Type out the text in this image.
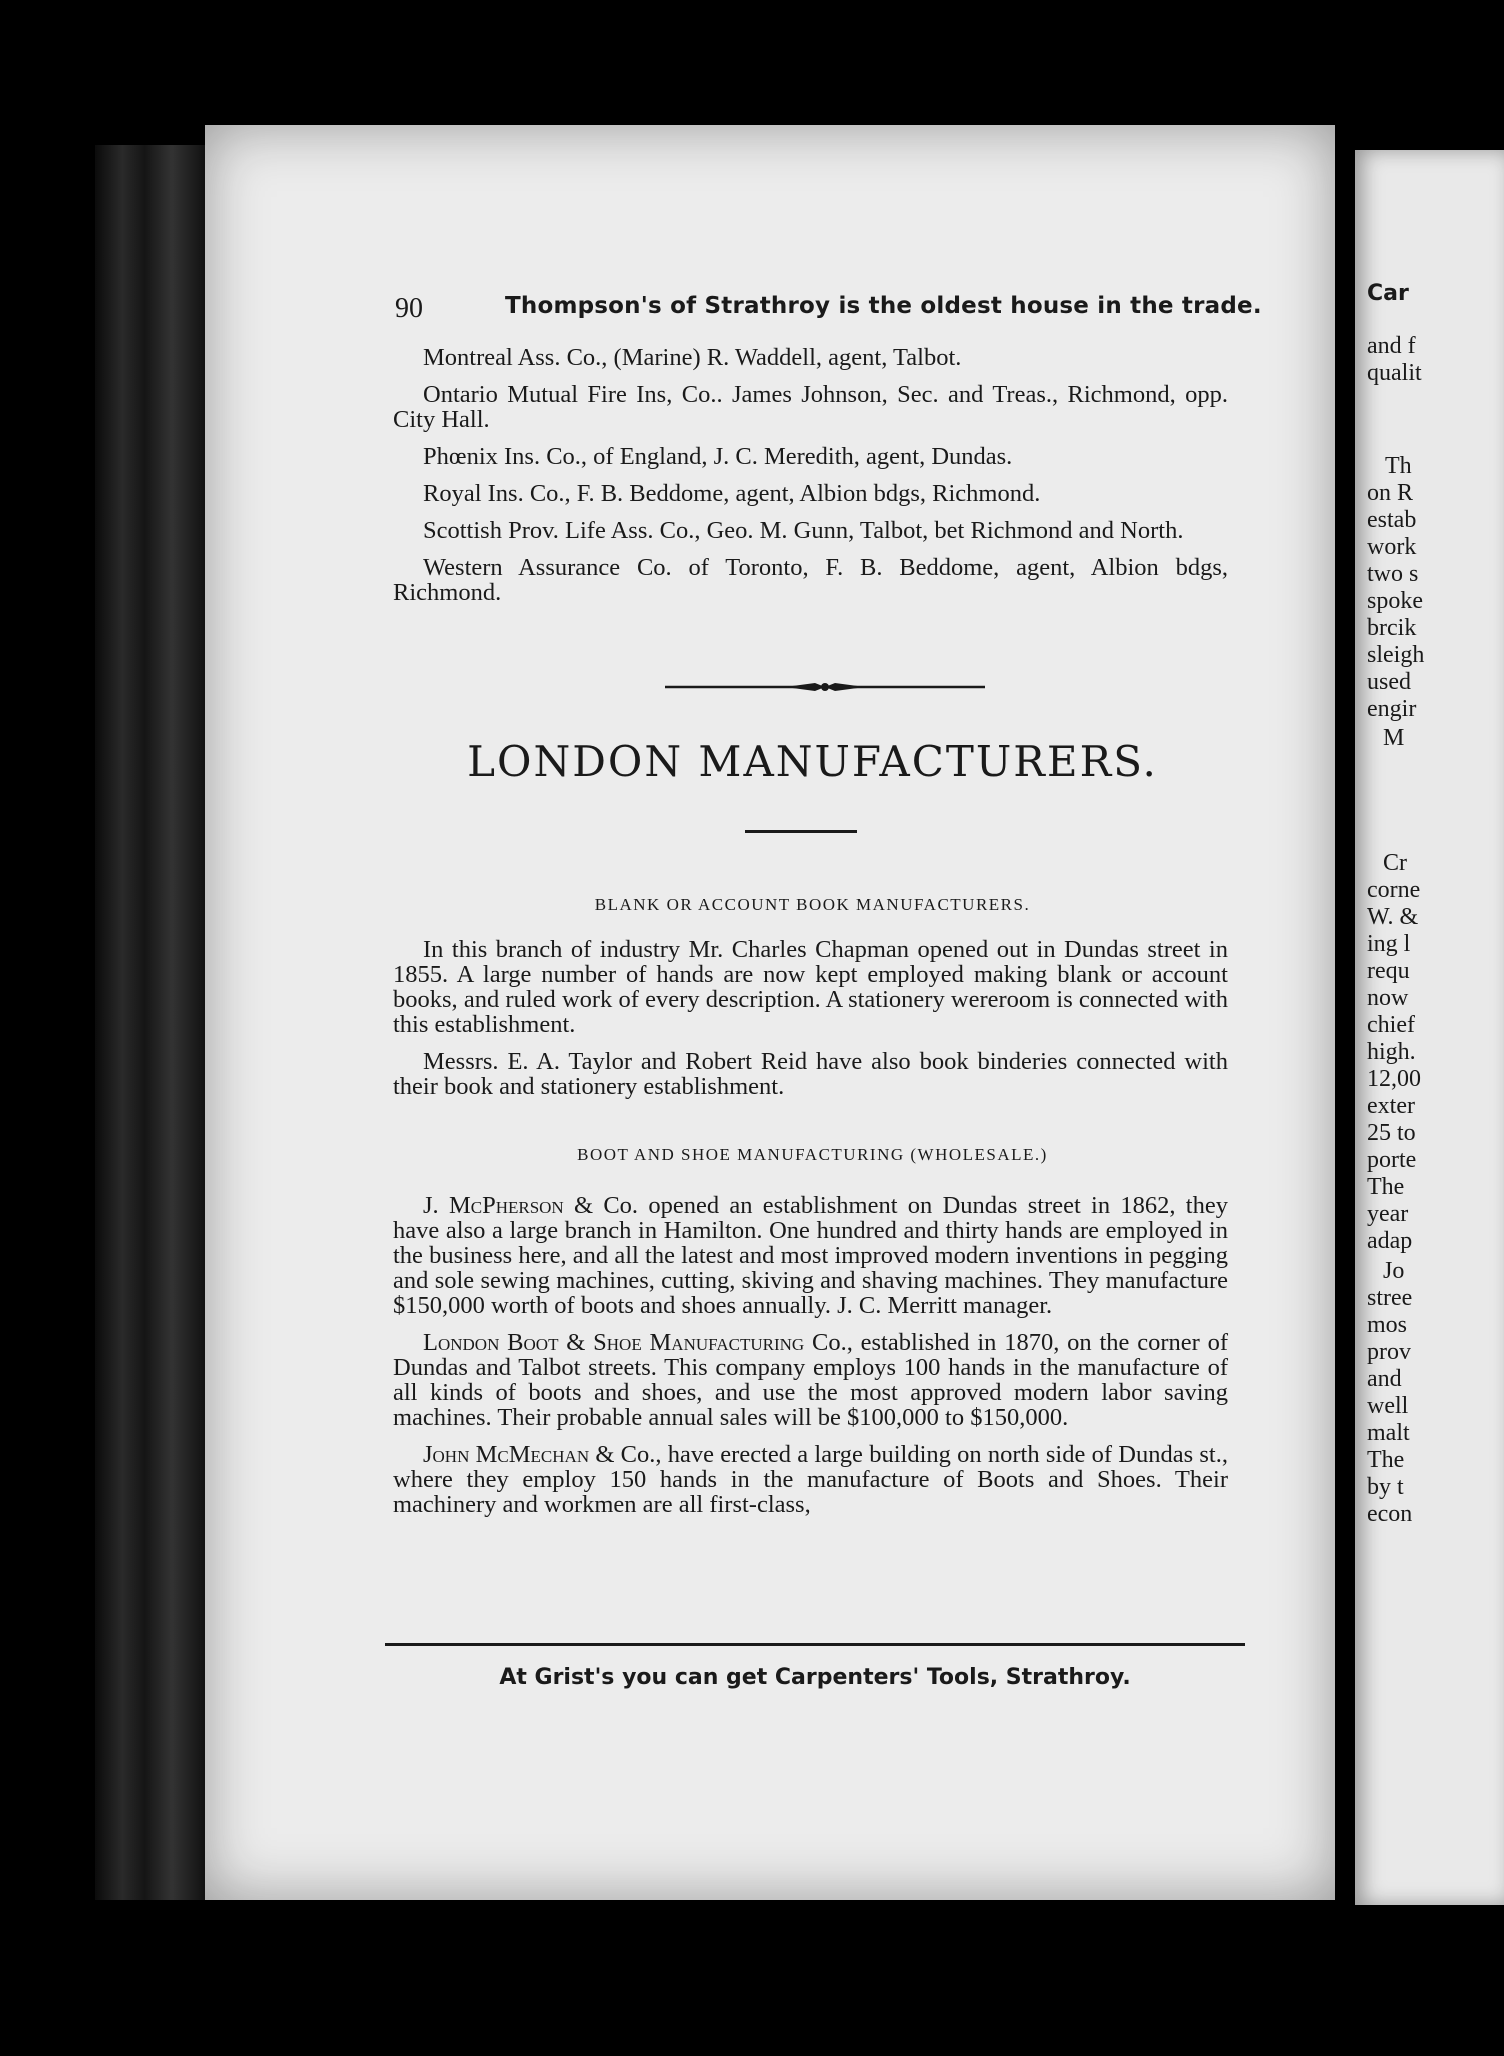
90	Thompson's of Strathroy is the oldest house in the trade.

Montreal Ass. Co., (Marine) R. Waddell, agent, Talbot.

Ontario Mutual Fire Ins, Co.. James Johnson, Sec. and Treas., Richmond, opp. City Hall.

Phœnix Ins. Co., of England, J. C. Meredith, agent, Dundas.

Royal Ins. Co., F. B. Beddome, agent, Albion bdgs, Richmond.

Scottish Prov. Life Ass. Co., Geo. M. Gunn, Talbot, bet Richmond and North.

Western Assurance Co. of Toronto, F. B. Beddome, agent, Albion bdgs, Richmond.

LONDON MANUFACTURERS.
BLANK OR ACCOUNT BOOK MANUFACTURERS.

In this branch of industry Mr. Charles Chapman opened out in Dundas street in 1855. A large number of hands are now kept employed making blank or account books, and ruled work of every description. A stationery wereroom is connected with this establishment.

Messrs. E. A. Taylor and Robert Reid have also book binderies connected with their book and stationery establishment.

BOOT AND SHOE MANUFACTURING (WHOLESALE.)

J. McPherson & Co. opened an establishment on Dundas street in 1862, they have also a large branch in Hamilton. One hundred and thirty hands are employed in the business here, and all the latest and most improved modern inventions in pegging and sole sewing machines, cutting, skiving and shaving machines. They manufacture $150,000 worth of boots and shoes annually. J. C. Merritt manager.

London Boot & Shoe Manufacturing Co., established in 1870, on the corner of Dundas and Talbot streets. This company employs 100 hands in the manufacture of all kinds of boots and shoes, and use the most approved modern labor saving machines. Their probable annual sales will be $100,000 to $150,000.

John McMechan & Co., have erected a large building on north side of Dundas st., where they employ 150 hands in the manufacture of Boots and Shoes. Their machinery and workmen are all first-class,

At Grist's you can get Carpenters' Tools, Strathroy.
Car
and f
qualit
Th
on R
estab
work
two s
spoke
brcik
sleigh
used
engir
M
Cr
corne
W. &
ing l
requ
now
chief
high.
12,00
exter
25 to
porte
The
year
adap
Jo
stree
mos
prov
and
well
malt
The
by t
econ
